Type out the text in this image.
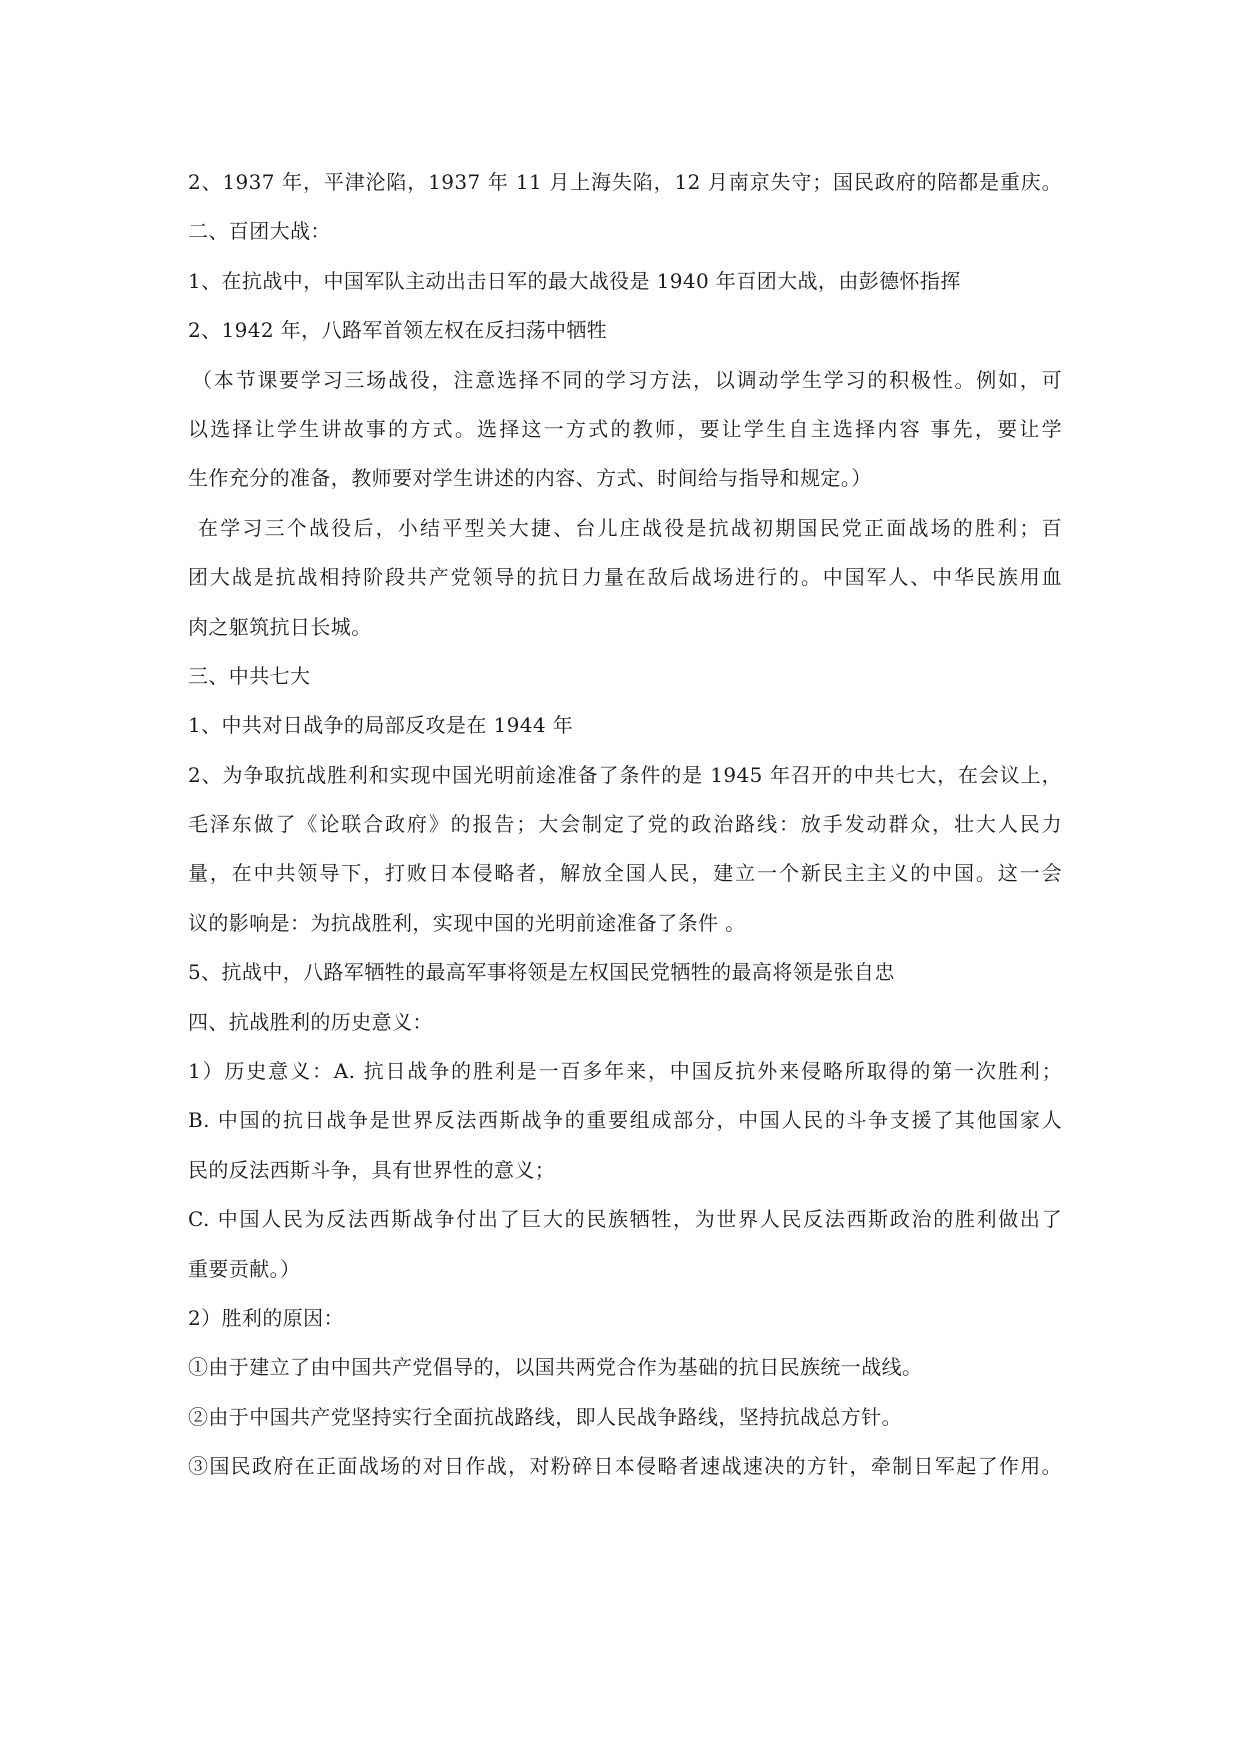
2、1937 年，平津沦陷，1937 年 11 月上海失陷，12 月南京失守；国民政府的陪都是重庆。
二、百团大战：
1、在抗战中，中国军队主动出击日军的最大战役是 1940 年百团大战，由彭德怀指挥
2、1942 年，八路军首领左权在反扫荡中牺牲
（本节课要学习三场战役，注意选择不同的学习方法，以调动学生学习的积极性。例如，可
以选择让学生讲故事的方式。选择这一方式的教师，要让学生自主选择内容 事先，要让学
生作充分的准备，教师要对学生讲述的内容、方式、时间给与指导和规定。）
在学习三个战役后，小结平型关大捷、台儿庄战役是抗战初期国民党正面战场的胜利；百
团大战是抗战相持阶段共产党领导的抗日力量在敌后战场进行的。中国军人、中华民族用血
肉之躯筑抗日长城。
三、中共七大
1、中共对日战争的局部反攻是在 1944 年
2、为争取抗战胜利和实现中国光明前途准备了条件的是 1945 年召开的中共七大，在会议上，
毛泽东做了《论联合政府》的报告；大会制定了党的政治路线：放手发动群众，壮大人民力
量，在中共领导下，打败日本侵略者，解放全国人民，建立一个新民主主义的中国。这一会
议的影响是：为抗战胜利，实现中国的光明前途准备了条件 。
5、抗战中，八路军牺牲的最高军事将领是左权国民党牺牲的最高将领是张自忠
四、抗战胜利的历史意义：
1）历史意义：A. 抗日战争的胜利是一百多年来，中国反抗外来侵略所取得的第一次胜利；
B. 中国的抗日战争是世界反法西斯战争的重要组成部分，中国人民的斗争支援了其他国家人
民的反法西斯斗争，具有世界性的意义；
C. 中国人民为反法西斯战争付出了巨大的民族牺牲，为世界人民反法西斯政治的胜利做出了
重要贡献。）
2）胜利的原因：
①由于建立了由中国共产党倡导的，以国共两党合作为基础的抗日民族统一战线。
②由于中国共产党坚持实行全面抗战路线，即人民战争路线，坚持抗战总方针。
③国民政府在正面战场的对日作战，对粉碎日本侵略者速战速决的方针，牵制日军起了作用。
